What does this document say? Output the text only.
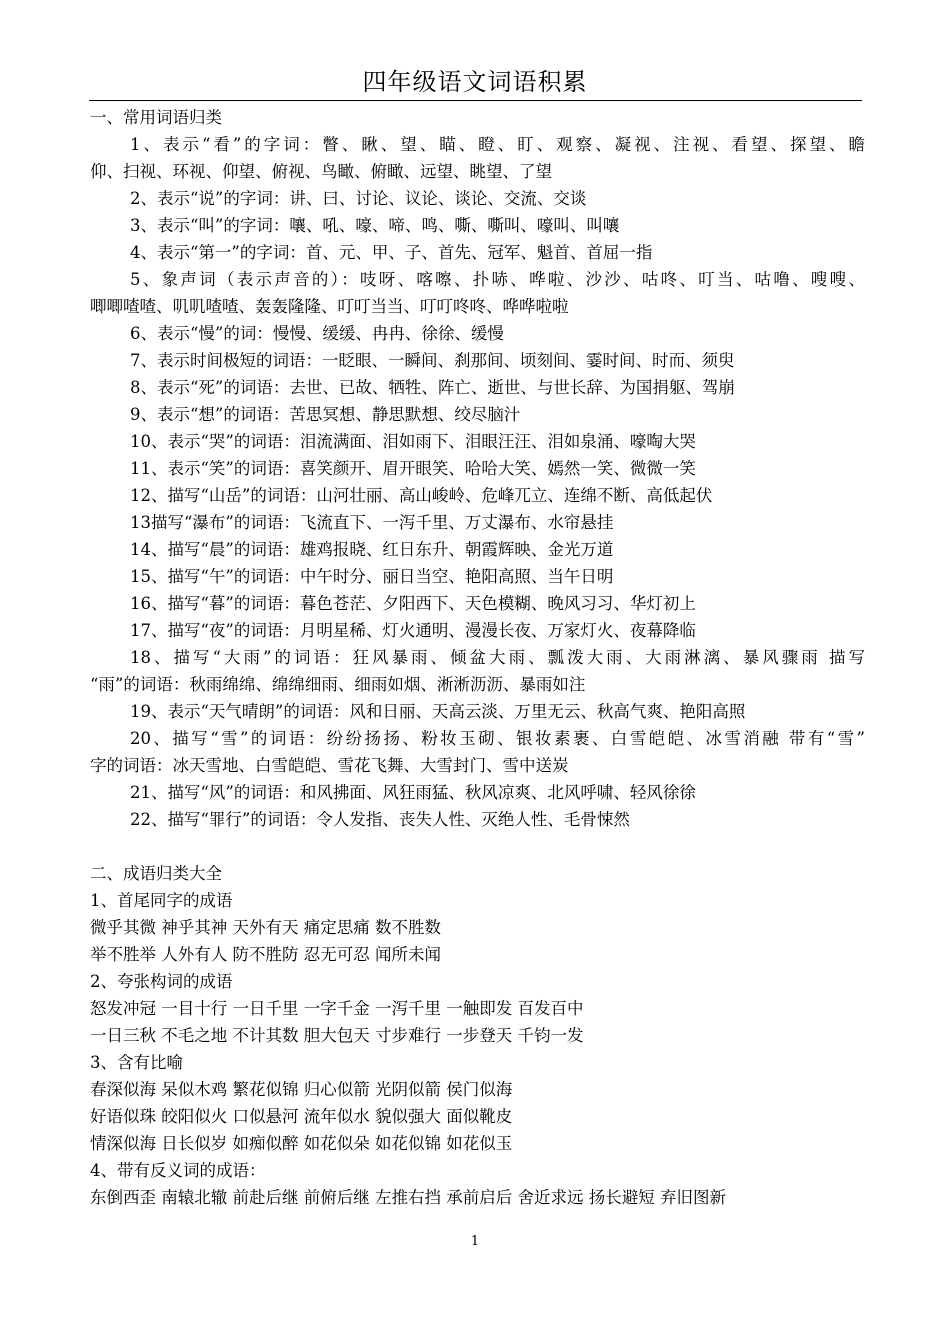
四年级语文词语积累
一、常用词语归类
1、表示“看”的字词：瞥、瞅、望、瞄、瞪、盯、观察、凝视、注视、看望、探望、瞻
仰、扫视、环视、仰望、俯视、鸟瞰、俯瞰、远望、眺望、了望
2、表示“说”的字词：讲、曰、讨论、议论、谈论、交流、交谈
3、表示“叫”的字词：嚷、吼、嚎、啼、鸣、嘶、嘶叫、嚎叫、叫嚷
4、表示“第一”的字词：首、元、甲、子、首先、冠军、魁首、首屈一指
5、象声词（表示声音的）：吱呀、喀嚓、扑哧、哗啦、沙沙、咕咚、叮当、咕噜、嗖嗖、
唧唧喳喳、叽叽喳喳、轰轰隆隆、叮叮当当、叮叮咚咚、哗哗啦啦
6、表示“慢”的词：慢慢、缓缓、冉冉、徐徐、缓慢
7、表示时间极短的词语：一眨眼、一瞬间、刹那间、顷刻间、霎时间、时而、须臾
8、表示“死”的词语：去世、已故、牺牲、阵亡、逝世、与世长辞、为国捐躯、驾崩
9、表示“想”的词语：苦思冥想、静思默想、绞尽脑汁
10、表示“哭”的词语：泪流满面、泪如雨下、泪眼汪汪、泪如泉涌、嚎啕大哭
11、表示“笑”的词语：喜笑颜开、眉开眼笑、哈哈大笑、嫣然一笑、微微一笑
12、描写“山岳”的词语：山河壮丽、高山峻岭、危峰兀立、连绵不断、高低起伏
13描写“瀑布”的词语：飞流直下、一泻千里、万丈瀑布、水帘悬挂
14、描写“晨”的词语：雄鸡报晓、红日东升、朝霞辉映、金光万道
15、描写“午”的词语：中午时分、丽日当空、艳阳高照、当午日明
16、描写“暮”的词语：暮色苍茫、夕阳西下、天色模糊、晚风习习、华灯初上
17、描写“夜”的词语：月明星稀、灯火通明、漫漫长夜、万家灯火、夜幕降临
18、描写“大雨”的词语：狂风暴雨、倾盆大雨、瓢泼大雨、大雨淋漓、暴风骤雨 描写
“雨”的词语：秋雨绵绵、绵绵细雨、细雨如烟、淅淅沥沥、暴雨如注
19、表示“天气晴朗”的词语：风和日丽、天高云淡、万里无云、秋高气爽、艳阳高照
20、描写“雪”的词语：纷纷扬扬、粉妆玉砌、银妆素裹、白雪皑皑、冰雪消融 带有“雪”
字的词语：冰天雪地、白雪皑皑、雪花飞舞、大雪封门、雪中送炭
21、描写“风”的词语：和风拂面、风狂雨猛、秋风凉爽、北风呼啸、轻风徐徐
22、描写“罪行”的词语：令人发指、丧失人性、灭绝人性、毛骨悚然
二、成语归类大全
1、首尾同字的成语
微乎其微 神乎其神 天外有天 痛定思痛 数不胜数
举不胜举 人外有人 防不胜防 忍无可忍 闻所未闻
2、夸张构词的成语
怒发冲冠 一目十行 一日千里 一字千金 一泻千里 一触即发 百发百中
一日三秋 不毛之地 不计其数 胆大包天 寸步难行 一步登天 千钧一发
3、含有比喻
春深似海 呆似木鸡 繁花似锦 归心似箭 光阴似箭 侯门似海
好语似珠 皎阳似火 口似悬河 流年似水 貌似强大 面似靴皮
情深似海 日长似岁 如痴似醉 如花似朵 如花似锦 如花似玉
4、带有反义词的成语：
东倒西歪 南辕北辙 前赴后继 前俯后继 左推右挡 承前启后 舍近求远 扬长避短 弃旧图新
1
